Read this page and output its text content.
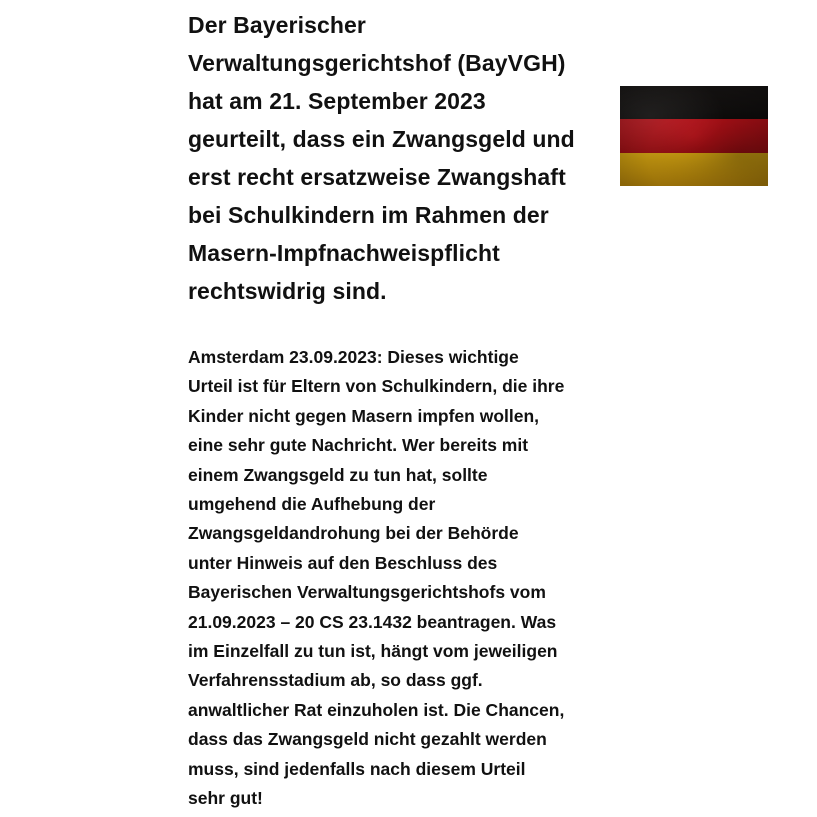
Der Bayerischer
Verwaltungsgerichtshof (BayVGH)
hat am 21. September 2023
geurteilt, dass ein Zwangsgeld und
erst recht ersatzweise Zwangshaft
bei Schulkindern im Rahmen der
Masern-Impfnachweispflicht
rechtswidrig sind.

Amsterdam 23.09.2023: Dieses wichtige
Urteil ist für Eltern von Schulkindern, die ihre
Kinder nicht gegen Masern impfen wollen,
eine sehr gute Nachricht. Wer bereits mit
einem Zwangsgeld zu tun hat, sollte
umgehend die Aufhebung der
Zwangsgeldandrohung bei der Behörde
unter Hinweis auf den Beschluss des
Bayerischen Verwaltungsgerichtshofs vom
21.09.2023 – 20 CS 23.1432 beantragen. Was
im Einzelfall zu tun ist, hängt vom jeweiligen
Verfahrensstadium ab, so dass ggf.
anwaltlicher Rat einzuholen ist. Die Chancen,
dass das Zwangsgeld nicht gezahlt werden
muss, sind jedenfalls nach diesem Urteil
sehr gut!
